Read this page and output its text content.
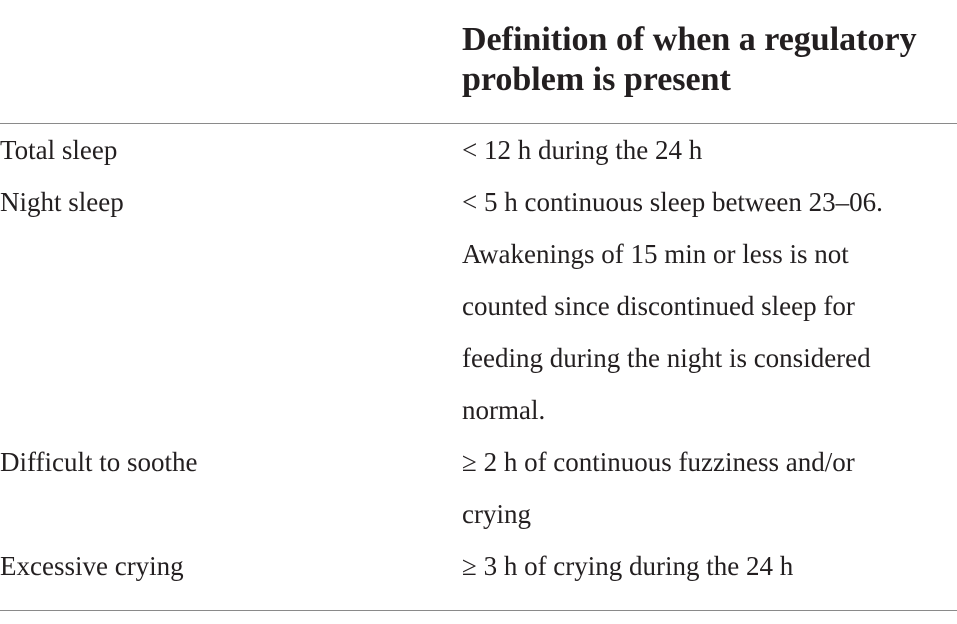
Definition of when a regulatory
problem is present
Total sleep	< 12 h during the 24 h
Night sleep	< 5 h continuous sleep between 23–06.
Awakenings of 15 min or less is not
counted since discontinued sleep for
feeding during the night is considered
normal.
Difficult to soothe	≥ 2 h of continuous fuzziness and/or
crying
Excessive crying	≥ 3 h of crying during the 24 h
